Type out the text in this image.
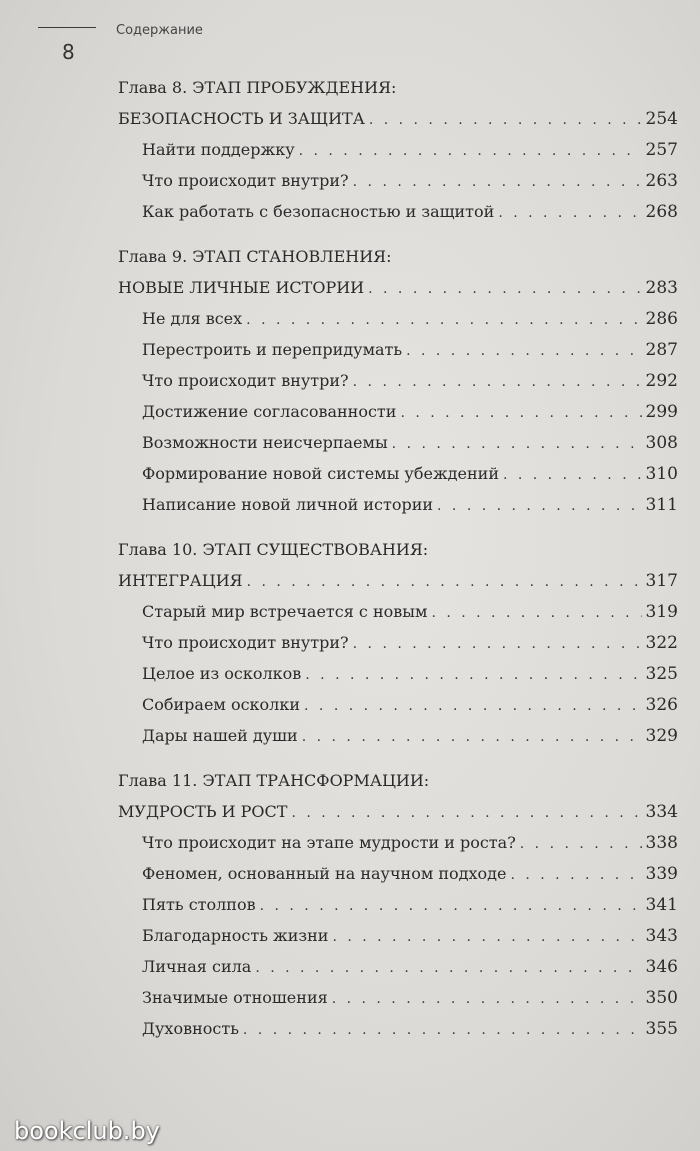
8
Содержание
Глава 8. ЭТАП ПРОБУЖДЕНИЯ:
БЕЗОПАСНОСТЬ И ЗАЩИТА . . .	254
Найти поддержку . . .	257
Что происходит внутри? . . .	263
Как работать с безопасностью и защитой . . .	268
Глава 9. ЭТАП СТАНОВЛЕНИЯ:
НОВЫЕ ЛИЧНЫЕ ИСТОРИИ . . .	283
Не для всех . . .	286
Перестроить и перепридумать . . .	287
Что происходит внутри? . . .	292
Достижение согласованности . . .	299
Возможности неисчерпаемы . . .	308
Формирование новой системы убеждений . . .	310
Написание новой личной истории . . .	311
Глава 10. ЭТАП СУЩЕСТВОВАНИЯ:
ИНТЕГРАЦИЯ . . .	317
Старый мир встречается с новым . . .	319
Что происходит внутри? . . .	322
Целое из осколков . . .	325
Собираем осколки . . .	326
Дары нашей души . . .	329
Глава 11. ЭТАП ТРАНСФОРМАЦИИ:
МУДРОСТЬ И РОСТ . . .	334
Что происходит на этапе мудрости и роста? . . .	338
Феномен, основанный на научном подходе . . .	339
Пять столпов . . .	341
Благодарность жизни . . .	343
Личная сила . . .	346
Значимые отношения . . .	350
Духовность . . .	355
bookclub.by
